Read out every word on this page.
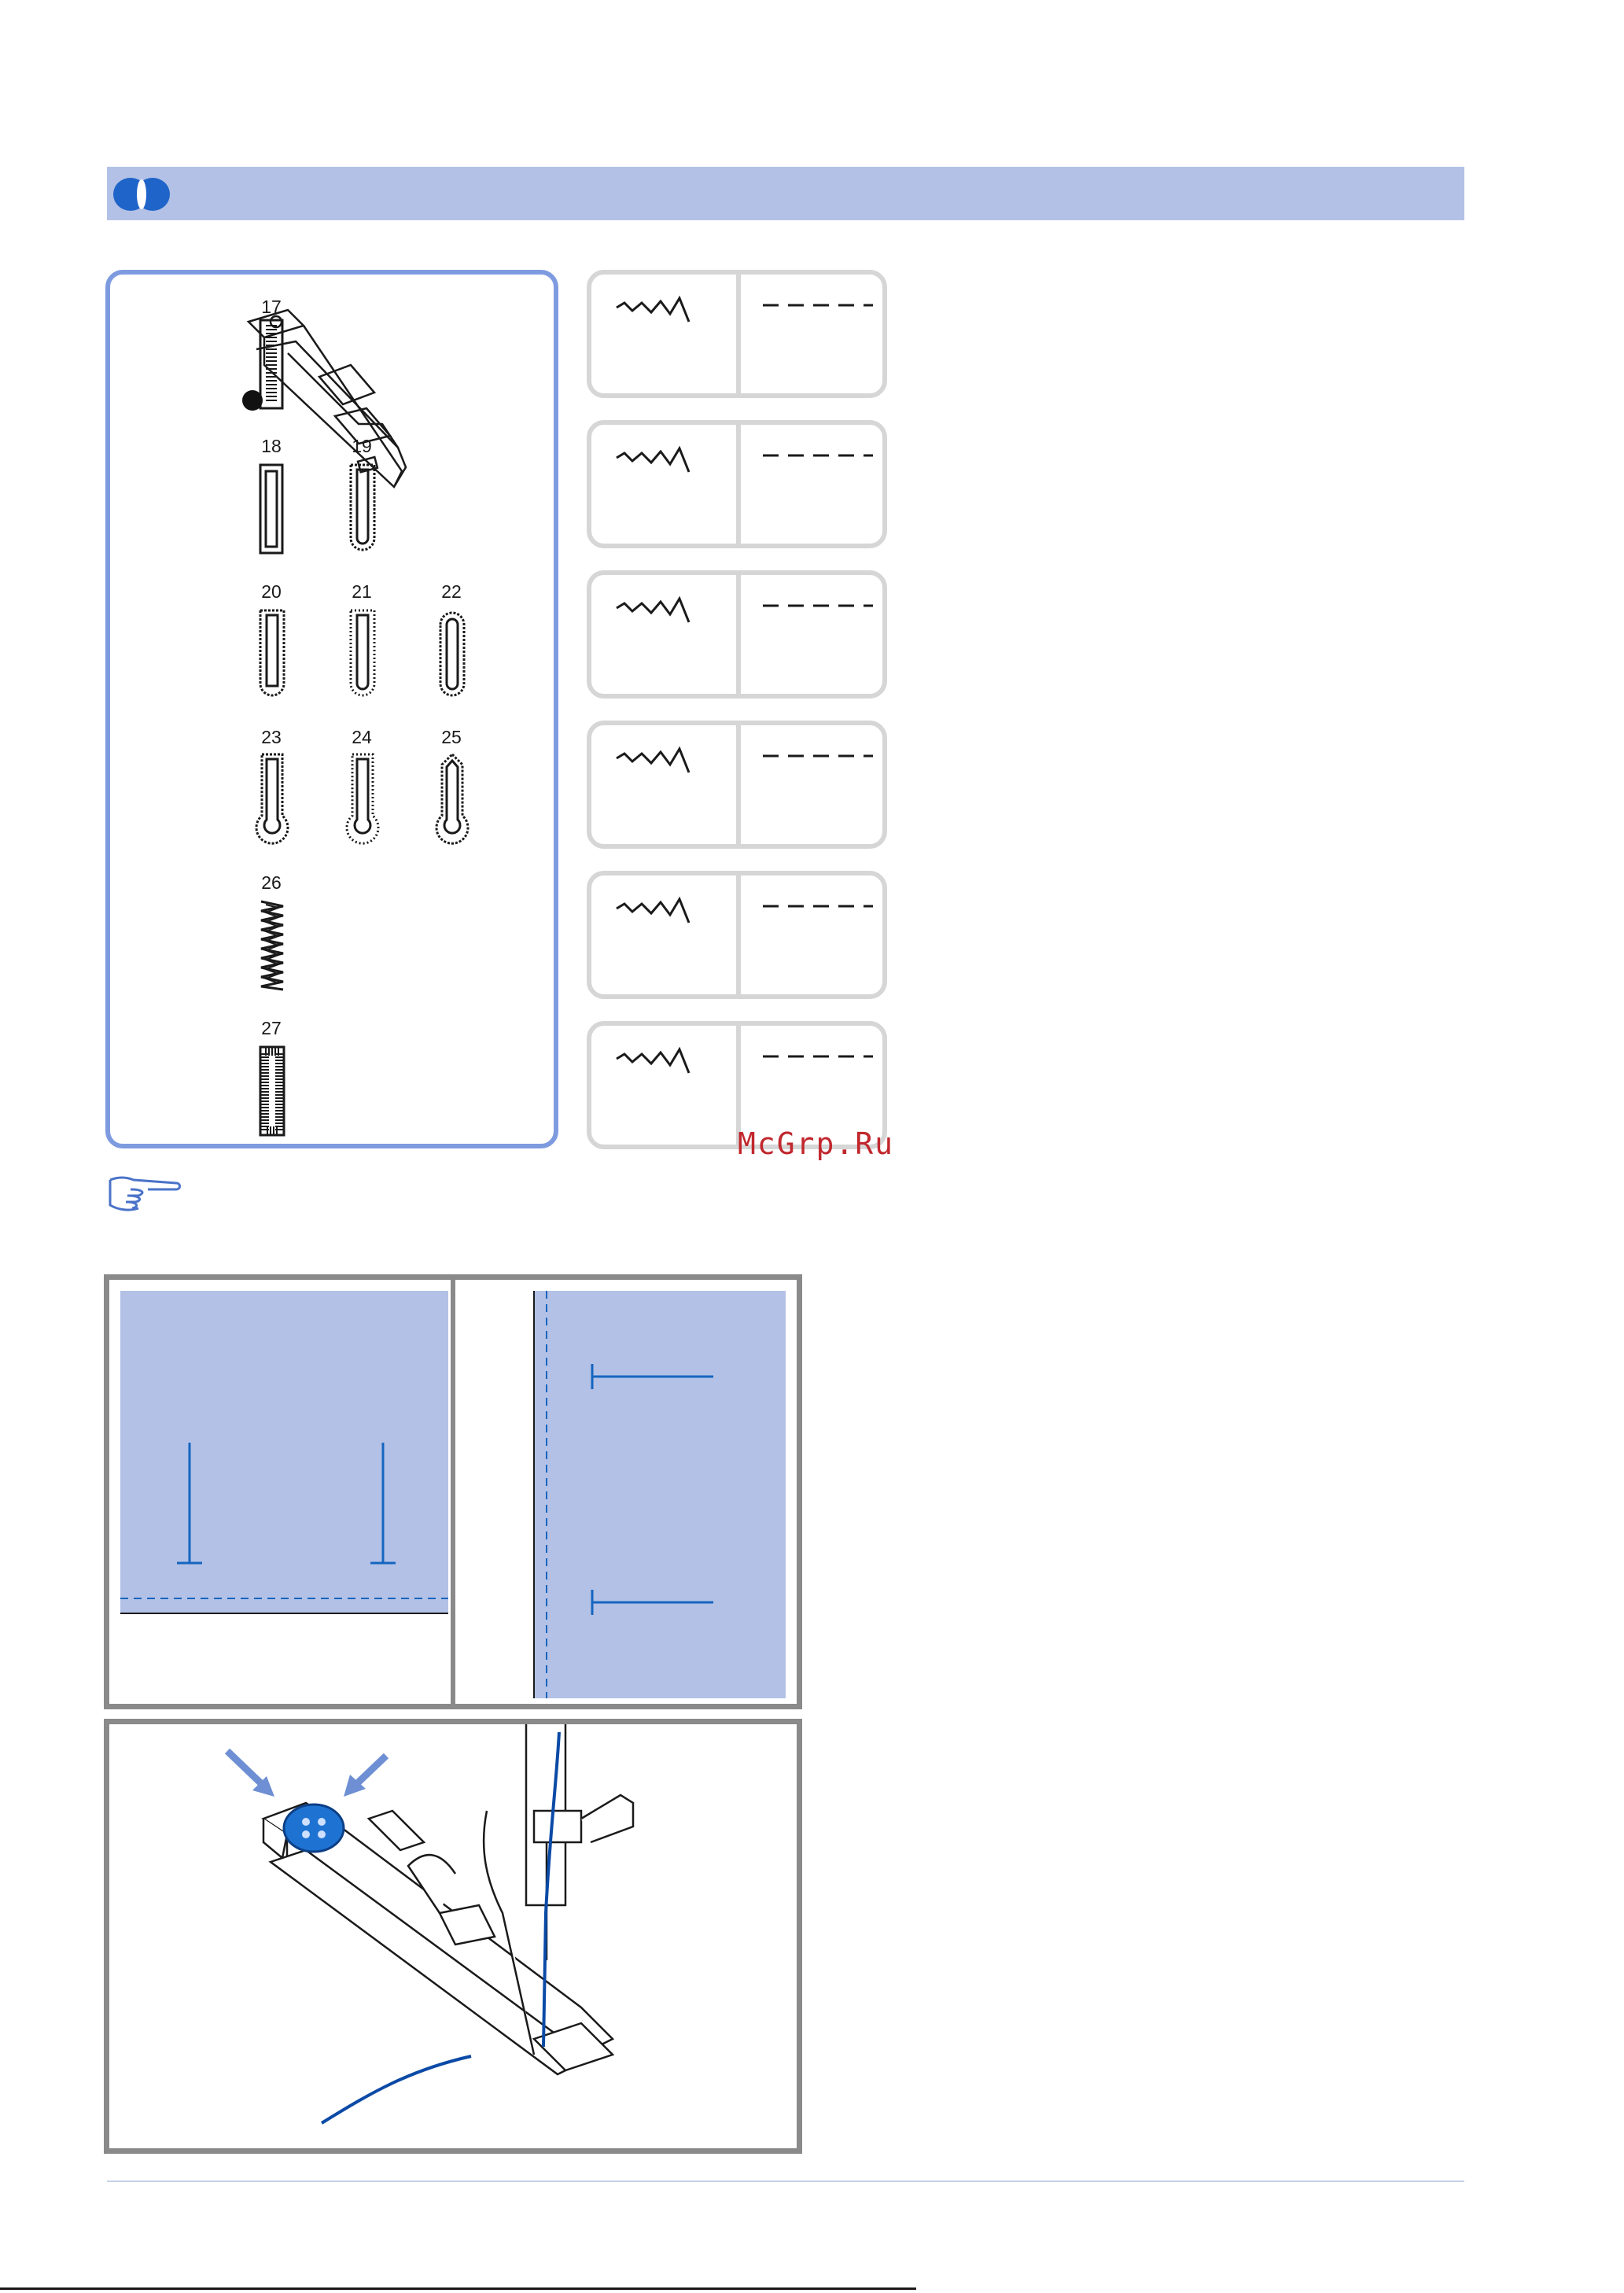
17
18	19
20	21	22
23	24	25
26
27
McGrp.Ru
